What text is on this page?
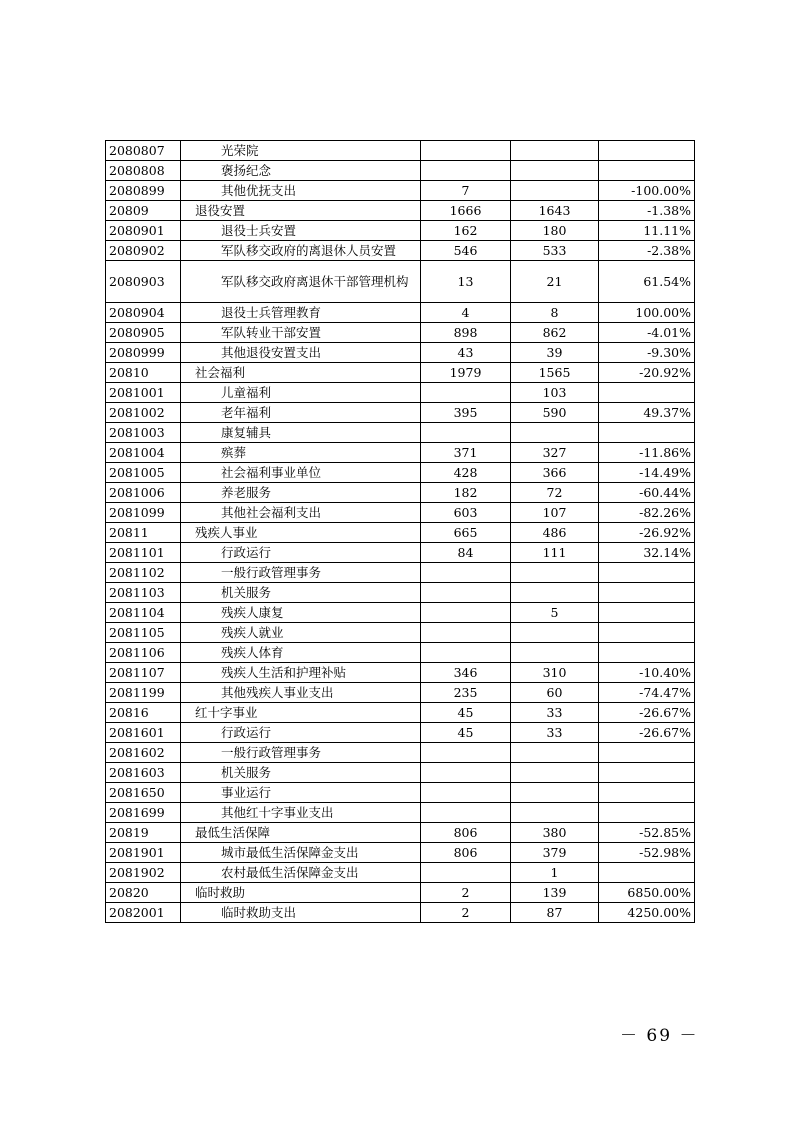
2080807	光荣院			
2080808	褒扬纪念			
2080899	其他优抚支出	7		-100.00%
20809	退役安置	1666	1643	-1.38%
2080901	退役士兵安置	162	180	11.11%
2080902	军队移交政府的离退休人员安置	546	533	-2.38%
2080903	军队移交政府离退休干部管理机构	13	21	61.54%
2080904	退役士兵管理教育	4	8	100.00%
2080905	军队转业干部安置	898	862	-4.01%
2080999	其他退役安置支出	43	39	-9.30%
20810	社会福利	1979	1565	-20.92%
2081001	儿童福利		103	
2081002	老年福利	395	590	49.37%
2081003	康复辅具			
2081004	殡葬	371	327	-11.86%
2081005	社会福利事业单位	428	366	-14.49%
2081006	养老服务	182	72	-60.44%
2081099	其他社会福利支出	603	107	-82.26%
20811	残疾人事业	665	486	-26.92%
2081101	行政运行	84	111	32.14%
2081102	一般行政管理事务			
2081103	机关服务			
2081104	残疾人康复		5	
2081105	残疾人就业			
2081106	残疾人体育			
2081107	残疾人生活和护理补贴	346	310	-10.40%
2081199	其他残疾人事业支出	235	60	-74.47%
20816	红十字事业	45	33	-26.67%
2081601	行政运行	45	33	-26.67%
2081602	一般行政管理事务			
2081603	机关服务			
2081650	事业运行			
2081699	其他红十字事业支出			
20819	最低生活保障	806	380	-52.85%
2081901	城市最低生活保障金支出	806	379	-52.98%
2081902	农村最低生活保障金支出		1	
20820	临时救助	2	139	6850.00%
2082001	临时救助支出	2	87	4250.00%
－ 69 －
